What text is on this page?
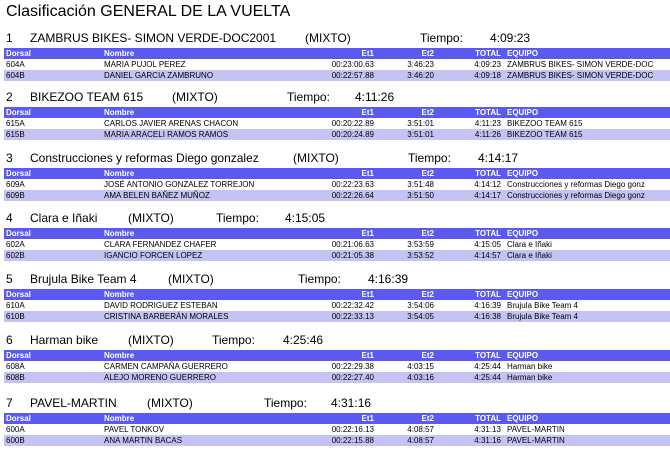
Clasificación GENERAL DE LA VUELTA
1 ZAMBRUS BIKES- SIMON VERDE-DOC2001 (MIXTO)	Tiempo: 4:09:23
Dorsal	Nombre	Et1	Et2	TOTAL EQUIPO
604A	MARIA PUJOL PEREZ	00:23:00.63	3:46:23	4:09:23 ZAMBRUS BIKES- SIMON VERDE-DOC
604B	DANIEL GARCIA ZAMBRUNO	00:22:57.88	3:46:20	4:09:18 ZAMBRUS BIKES- SIMON VERDE-DOC
2 BIKEZOO TEAM 615 (MIXTO)	Tiempo: 4:11:26
Dorsal	Nombre	Et1	Et2	TOTAL EQUIPO
615A	CARLOS JAVIER ARENAS CHACON	00:20:22.89	3:51:01	4:11:23 BIKEZOO TEAM 615
615B	MARIA ARACELI RAMOS RAMOS	00:20:24.89	3:51:01	4:11:26 BIKEZOO TEAM 615
3 Construcciones y reformas Diego gonzalez	(MIXTO)	Tiempo: 4:14:17
Dorsal	Nombre	Et1	Et2	TOTAL EQUIPO
609A	JOSÉ ANTONIO GONZALEZ TORREJON	00:22:23.63	3:51:48	4:14:12 Construcciones y reformas Diego gonz
609B	AMA BELEN BAÑEZ MUÑOZ	00:22:26.64	3:51:50	4:14:17 Construcciones y reformas Diego gonz
4 Clara e Iñaki	(MIXTO)	Tiempo: 4:15:05
Dorsal	Nombre	Et1	Et2	TOTAL EQUIPO
602A	CLARA FERNANDEZ CHAFER	00:21:06.63	3:53:59	4:15:05 Clara e Iñaki
602B	IGANCIO FORCEN LOPEZ	00:21:05.38	3:53:52	4:14:57 Clara e Iñaki
5 Brujula Bike Team 4	(MIXTO)	Tiempo: 4:16:39
Dorsal	Nombre	Et1	Et2	TOTAL EQUIPO
610A	DAVID RODRIGUEZ ESTEBAN	00:22:32.42	3:54:06	4:16:39 Brujula Bike Team 4
610B	CRISTINA BARBERÁN MORALES	00:22:33.13	3:54:05	4:16:38 Brujula Bike Team 4
6 Harman bike (MIXTO)	Tiempo: 4:25:46
Dorsal	Nombre	Et1	Et2	TOTAL EQUIPO
608A	CARMEN CAMPAÑA GUERRERO	00:22:29.38	4:03:15	4:25:44 Harman bike
608B	ALEJO MORENO GUERRERO	00:22:27.40	4:03:16	4:25:44 Harman bike
7 PAVEL-MARTIN	(MIXTO)	Tiempo: 4:31:16
Dorsal	Nombre	Et1	Et2	TOTAL EQUIPO
600A	PAVEL TONKOV	00:22:16.13	4:08:57	4:31:13 PAVEL-MARTIN
600B	ANA MARTIN BACAS	00:22:15.88	4:08:57	4:31:16 PAVEL-MARTIN
